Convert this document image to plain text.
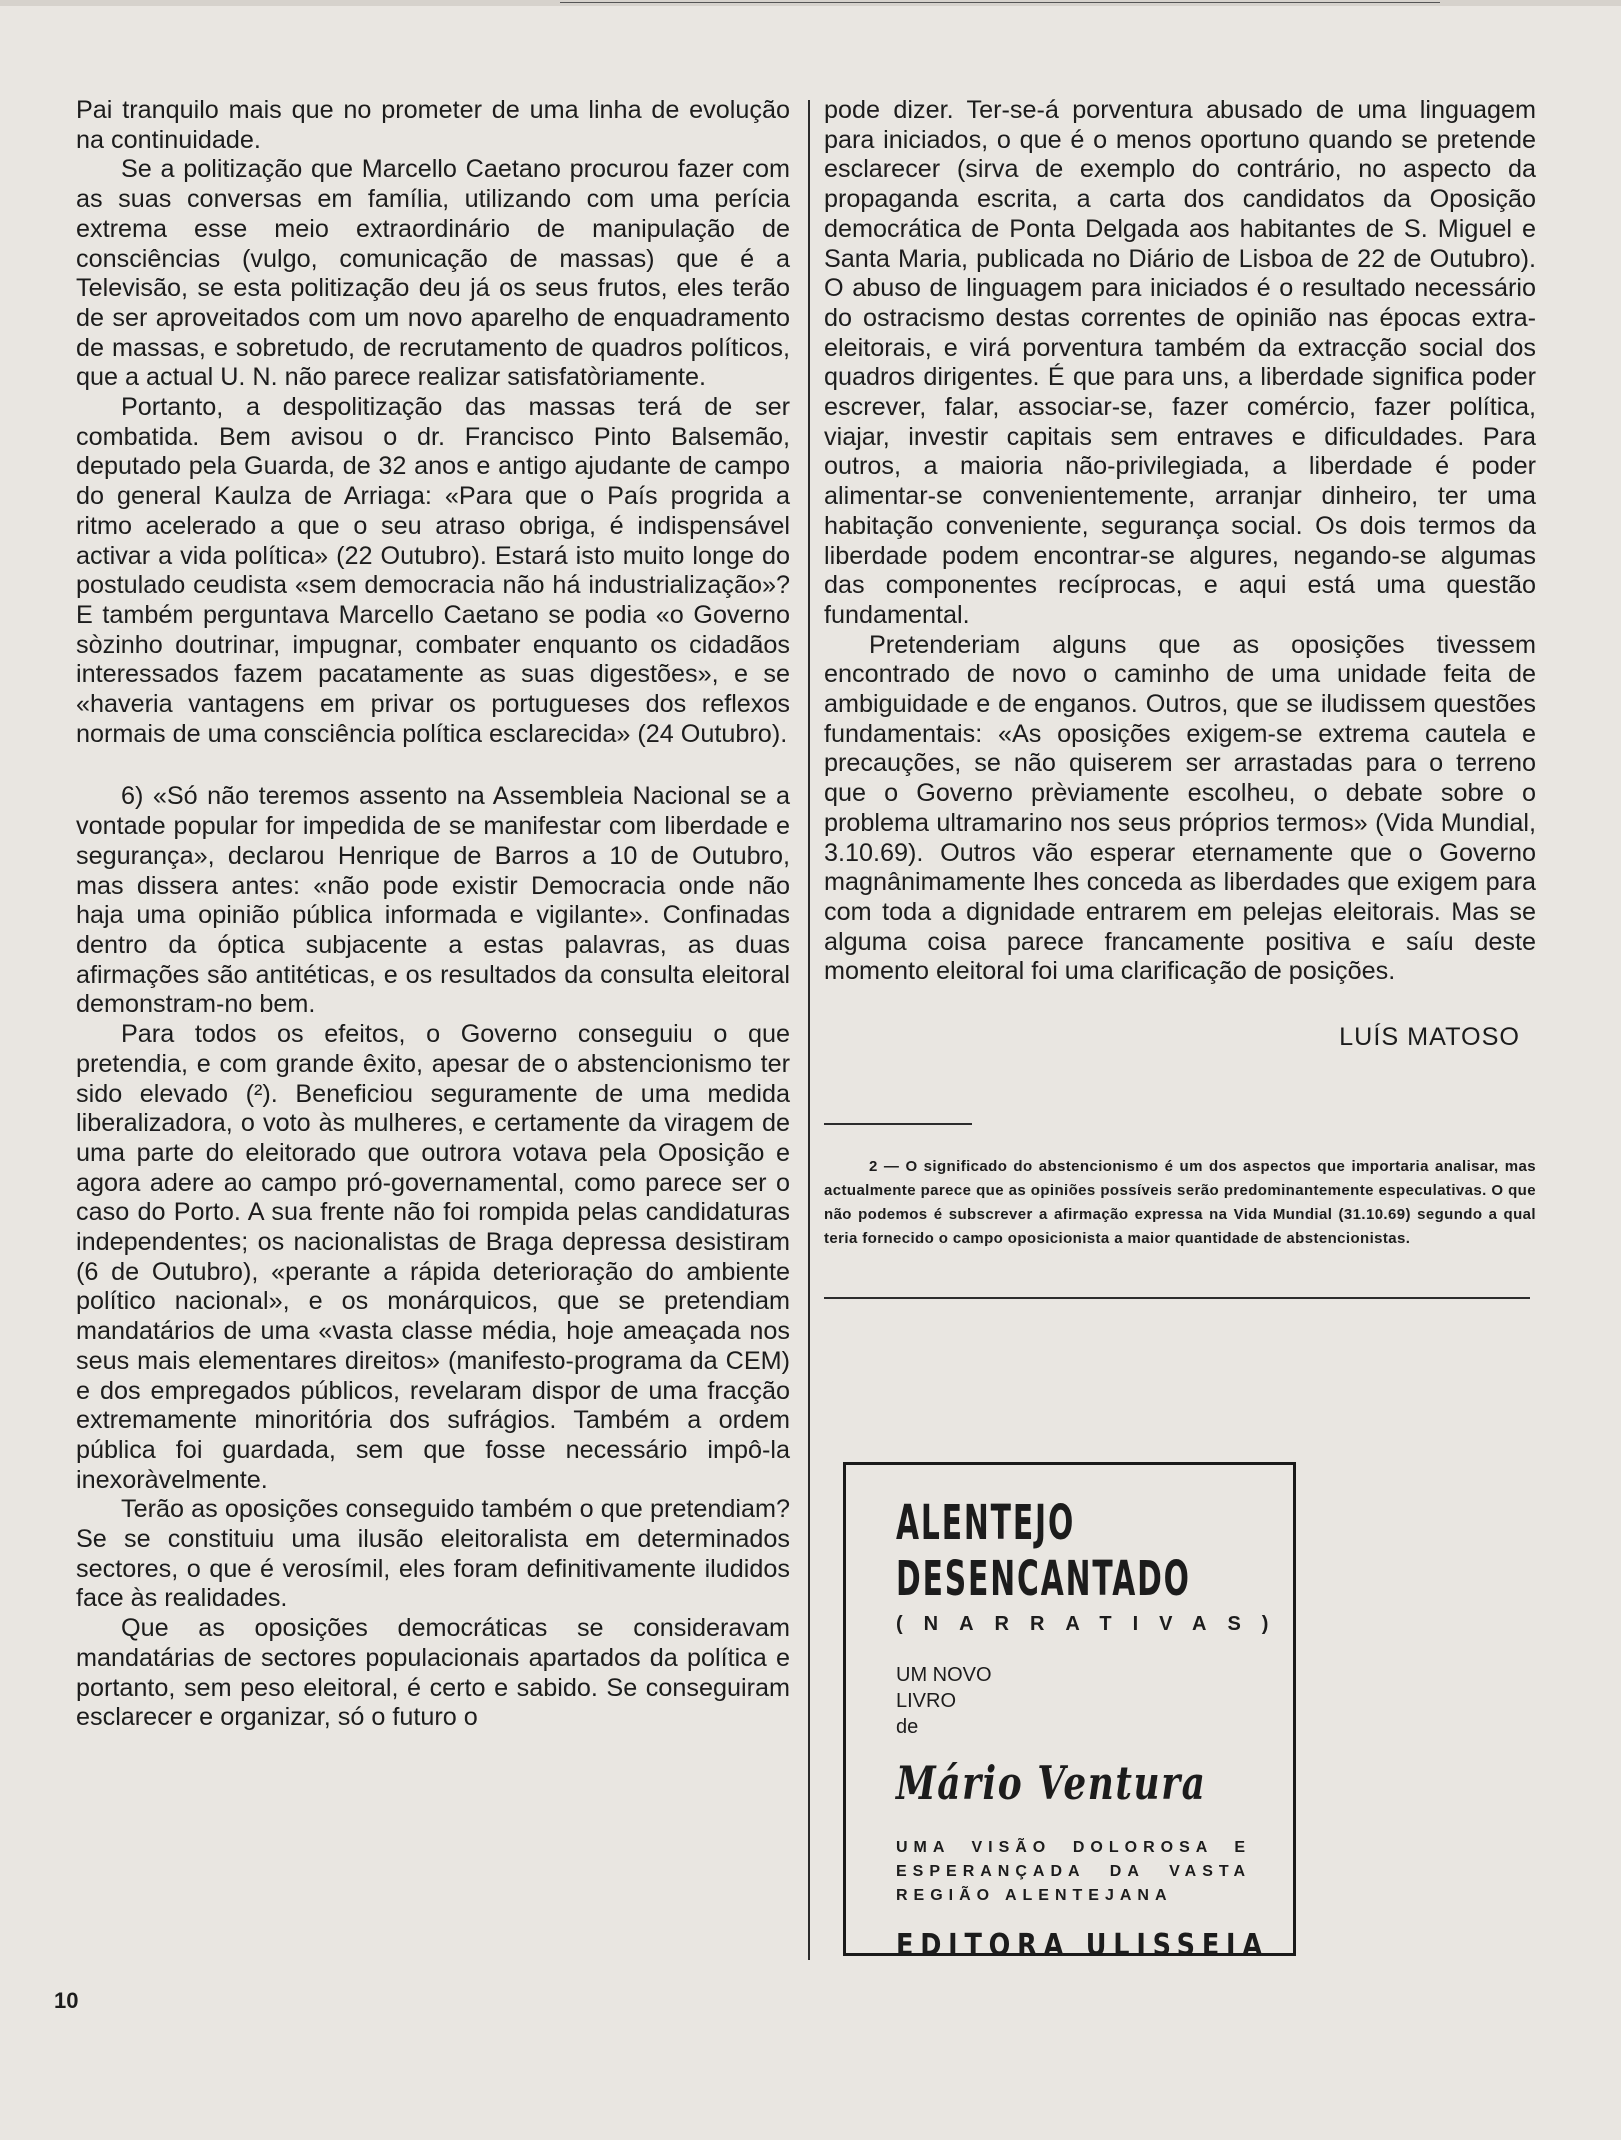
Pai tranquilo mais que no prometer de uma linha de evolução na continuidade.

Se a politização que Marcello Caetano procurou fazer com as suas conversas em família, utilizando com uma perícia extrema esse meio extraordinário de manipulação de consciências (vulgo, comunicação de massas) que é a Televisão, se esta politização deu já os seus frutos, eles terão de ser aproveitados com um novo aparelho de enquadramento de massas, e sobretudo, de recrutamento de quadros políticos, que a actual U. N. não parece realizar satisfatòriamente.

Portanto, a despolitização das massas terá de ser combatida. Bem avisou o dr. Francisco Pinto Balsemão, deputado pela Guarda, de 32 anos e antigo ajudante de campo do general Kaulza de Arriaga: «Para que o País progrida a ritmo acelerado a que o seu atraso obriga, é indispensável activar a vida política» (22 Outubro). Estará isto muito longe do postulado ceudista «sem democracia não há industrialização»? E também perguntava Marcello Caetano se podia «o Governo sòzinho doutrinar, impugnar, combater enquanto os cidadãos interessados fazem pacatamente as suas digestões», e se «haveria vantagens em privar os portugueses dos reflexos normais de uma consciência política esclarecida» (24 Outubro).

6) «Só não teremos assento na Assembleia Nacional se a vontade popular for impedida de se manifestar com liberdade e segurança», declarou Henrique de Barros a 10 de Outubro, mas dissera antes: «não pode existir Democracia onde não haja uma opinião pública informada e vigilante». Confinadas dentro da óptica subjacente a estas palavras, as duas afirmações são antitéticas, e os resultados da consulta eleitoral demonstram-no bem.

Para todos os efeitos, o Governo conseguiu o que pretendia, e com grande êxito, apesar de o abstencionismo ter sido elevado (²). Beneficiou seguramente de uma medida liberalizadora, o voto às mulheres, e certamente da viragem de uma parte do eleitorado que outrora votava pela Oposição e agora adere ao campo pró-governamental, como parece ser o caso do Porto. A sua frente não foi rompida pelas candidaturas independentes; os nacionalistas de Braga depressa desistiram (6 de Outubro), «perante a rápida deterioração do ambiente político nacional», e os monárquicos, que se pretendiam mandatários de uma «vasta classe média, hoje ameaçada nos seus mais elementares direitos» (manifesto-programa da CEM) e dos empregados públicos, revelaram dispor de uma fracção extremamente minoritória dos sufrágios. Também a ordem pública foi guardada, sem que fosse necessário impô-la inexoràvelmente.

Terão as oposições conseguido também o que pretendiam? Se se constituiu uma ilusão eleitoralista em determinados sectores, o que é verosímil, eles foram definitivamente iludidos face às realidades.

Que as oposições democráticas se consideravam mandatárias de sectores populacionais apartados da política e portanto, sem peso eleitoral, é certo e sabido. Se conseguiram esclarecer e organizar, só o futuro o

pode dizer. Ter-se-á porventura abusado de uma linguagem para iniciados, o que é o menos oportuno quando se pretende esclarecer (sirva de exemplo do contrário, no aspecto da propaganda escrita, a carta dos candidatos da Oposição democrática de Ponta Delgada aos habitantes de S. Miguel e Santa Maria, publicada no Diário de Lisboa de 22 de Outubro). O abuso de linguagem para iniciados é o resultado necessário do ostracismo destas correntes de opinião nas épocas extra-eleitorais, e virá porventura também da extracção social dos quadros dirigentes. É que para uns, a liberdade significa poder escrever, falar, associar-se, fazer comércio, fazer política, viajar, investir capitais sem entraves e dificuldades. Para outros, a maioria não-privilegiada, a liberdade é poder alimentar-se convenientemente, arranjar dinheiro, ter uma habitação conveniente, segurança social. Os dois termos da liberdade podem encontrar-se algures, negando-se algumas das componentes recíprocas, e aqui está uma questão fundamental.

Pretenderiam alguns que as oposições tivessem encontrado de novo o caminho de uma unidade feita de ambiguidade e de enganos. Outros, que se iludissem questões fundamentais: «As oposições exigem-se extrema cautela e precauções, se não quiserem ser arrastadas para o terreno que o Governo prèviamente escolheu, o debate sobre o problema ultramarino nos seus próprios termos» (Vida Mundial, 3.10.69). Outros vão esperar eternamente que o Governo magnânimamente lhes conceda as liberdades que exigem para com toda a dignidade entrarem em pelejas eleitorais. Mas se alguma coisa parece francamente positiva e saíu deste momento eleitoral foi uma clarificação de posições.

LUÍS MATOSO
2 — O significado do abstencionismo é um dos aspectos que importaria analisar, mas actualmente parece que as opiniões possíveis serão predominantemente especulativas. O que não podemos é subscrever a afirmação expressa na Vida Mundial (31.10.69) segundo a qual teria fornecido o campo oposicionista a maior quantidade de abstencionistas.
ALENTEJO
DESENCANTADO
(NARRATIVAS)
UM NOVO
LIVRO
de
Mário Ventura
UMA VISÃO DOLOROSA E ESPERANÇADA DA VASTA REGIÃO ALENTEJANA
EDITORA ULISSEIA
10
